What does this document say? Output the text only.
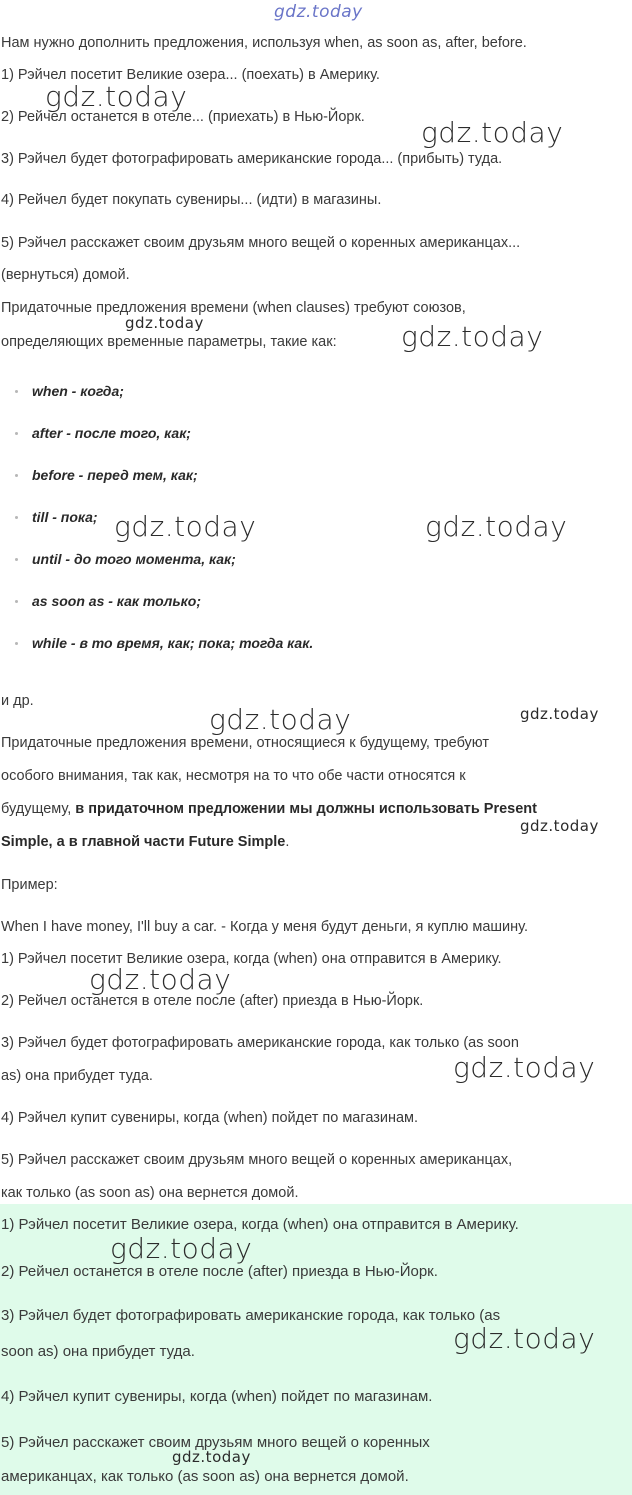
Нам нужно дополнить предложения, используя when, as soon as, after, before.
1) Рэйчел посетит Великие озера... (поехать) в Америку.
2) Рейчел останется в отеле... (приехать) в Нью-Йорк.
3) Рэйчел будет фотографировать американские города... (прибыть) туда.
4) Рейчел будет покупать сувениры... (идти) в магазины.
5) Рэйчел расскажет своим друзьям много вещей о коренных американцах...
(вернуться) домой.
Придаточные предложения времени (when clauses) требуют союзов,
определяющих временные параметры, такие как:
when - когда;
after - после того, как;
before - перед тем, как;
till - пока;
until - до того момента, как;
as soon as - как только;
while - в то время, как; пока; тогда как.
и др.
Придаточные предложения времени, относящиеся к будущему, требуют
особого внимания, так как, несмотря на то что обе части относятся к
будущему, в придаточном предложении мы должны использовать Present
Simple, а в главной части Future Simple.
Пример:
When I have money, I'll buy a car. - Когда у меня будут деньги, я куплю машину.
1) Рэйчел посетит Великие озера, когда (when) она отправится в Америку.
2) Рейчел останется в отеле после (after) приезда в Нью-Йорк.
3) Рэйчел будет фотографировать американские города, как только (as soon
as) она прибудет туда.
4) Рэйчел купит сувениры, когда (when) пойдет по магазинам.
5) Рэйчел расскажет своим друзьям много вещей о коренных американцах,
как только (as soon as) она вернется домой.
1) Рэйчел посетит Великие озера, когда (when) она отправится в Америку.
2) Рейчел останется в отеле после (after) приезда в Нью-Йорк.
3) Рэйчел будет фотографировать американские города, как только (as
soon as) она прибудет туда.
4) Рэйчел купит сувениры, когда (when) пойдет по магазинам.
5) Рэйчел расскажет своим друзьям много вещей о коренных
американцах, как только (as soon as) она вернется домой.
gdz.today
gdz.today
gdz.today
gdz.today	gdz.today
gdz.today	gdz.today
gdz.today	gdz.today
gdz.today
gdz.today
gdz.today
gdz.today
gdz.today
gdz.today
